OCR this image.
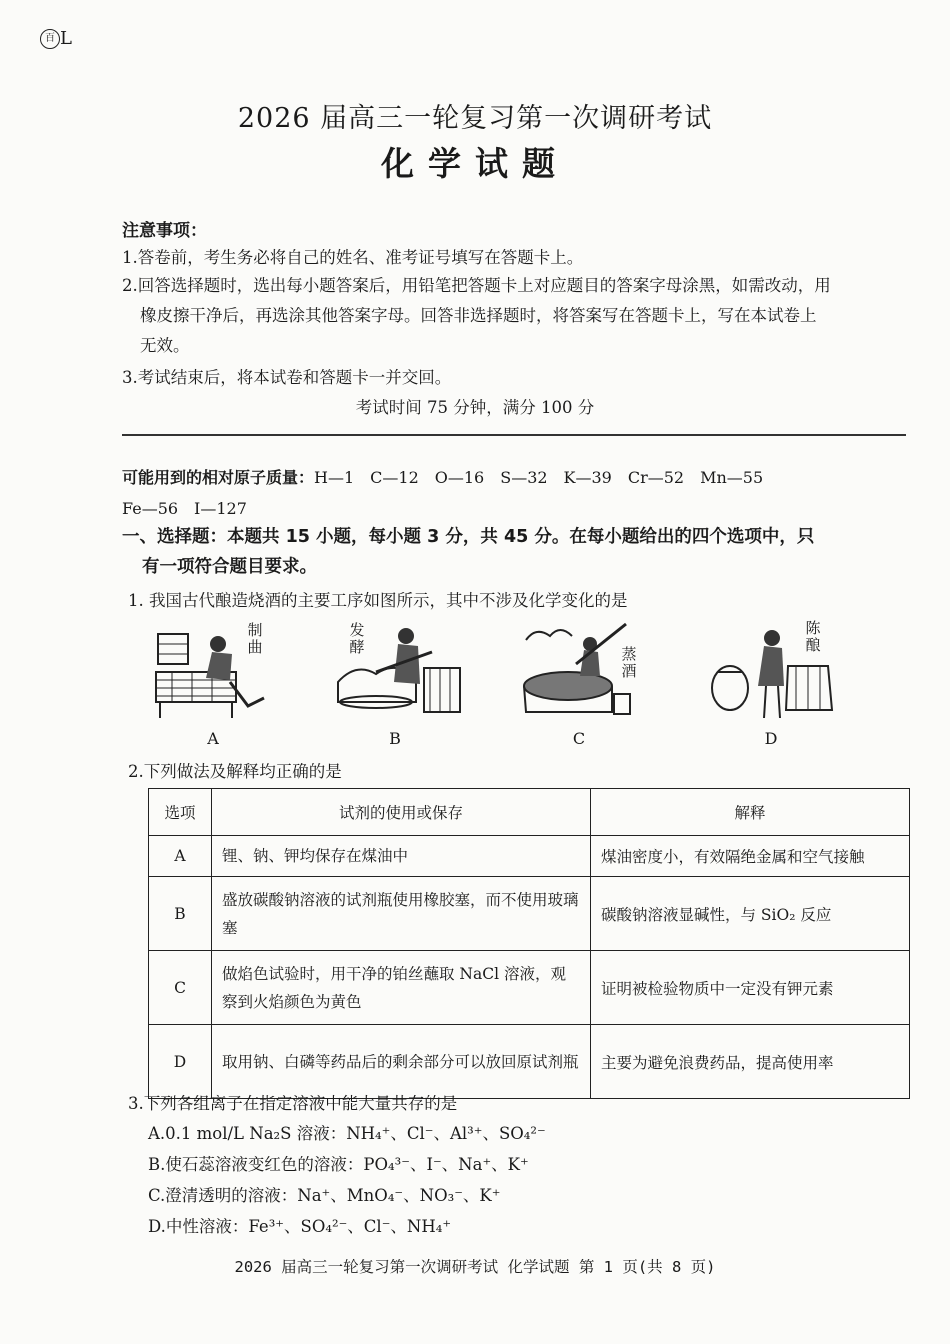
百 L
2026 届高三一轮复习第一次调研考试
化学试题
注意事项：
1.答卷前，考生务必将自己的姓名、准考证号填写在答题卡上。
2.回答选择题时，选出每小题答案后，用铅笔把答题卡上对应题目的答案字母涂黑，如需改动，用
橡皮擦干净后，再选涂其他答案字母。回答非选择题时，将答案写在答题卡上，写在本试卷上
无效。
3.考试结束后，将本试卷和答题卡一并交回。
考试时间 75 分钟，满分 100 分
可能用到的相对原子质量：H—1　C—12　O—16　S—32　K—39　Cr—52　Mn—55
Fe—56　I—127
一、选择题：本题共 15 小题，每小题 3 分，共 45 分。在每小题给出的四个选项中，只
有一项符合题目要求。
1. 我国古代酿造烧酒的主要工序如图所示，其中不涉及化学变化的是
制曲
A
发酵
B
蒸酒
C
陈酿
D
2.下列做法及解释均正确的是
选项	试剂的使用或保存	解释
A	锂、钠、钾均保存在煤油中	煤油密度小，有效隔绝金属和空气接触
B	盛放碳酸钠溶液的试剂瓶使用橡胶塞，而不使用玻璃塞	碳酸钠溶液显碱性，与 SiO₂ 反应
C	做焰色试验时，用干净的铂丝蘸取 NaCl 溶液，观察到火焰颜色为黄色	证明被检验物质中一定没有钾元素
D	取用钠、白磷等药品后的剩余部分可以放回原试剂瓶	主要为避免浪费药品，提高使用率
3.下列各组离子在指定溶液中能大量共存的是
A.0.1 mol/L Na₂S 溶液：NH₄⁺、Cl⁻、Al³⁺、SO₄²⁻
B.使石蕊溶液变红色的溶液：PO₄³⁻、I⁻、Na⁺、K⁺
C.澄清透明的溶液：Na⁺、MnO₄⁻、NO₃⁻、K⁺
D.中性溶液：Fe³⁺、SO₄²⁻、Cl⁻、NH₄⁺
2026 届高三一轮复习第一次调研考试 化学试题 第 1 页(共 8 页)
